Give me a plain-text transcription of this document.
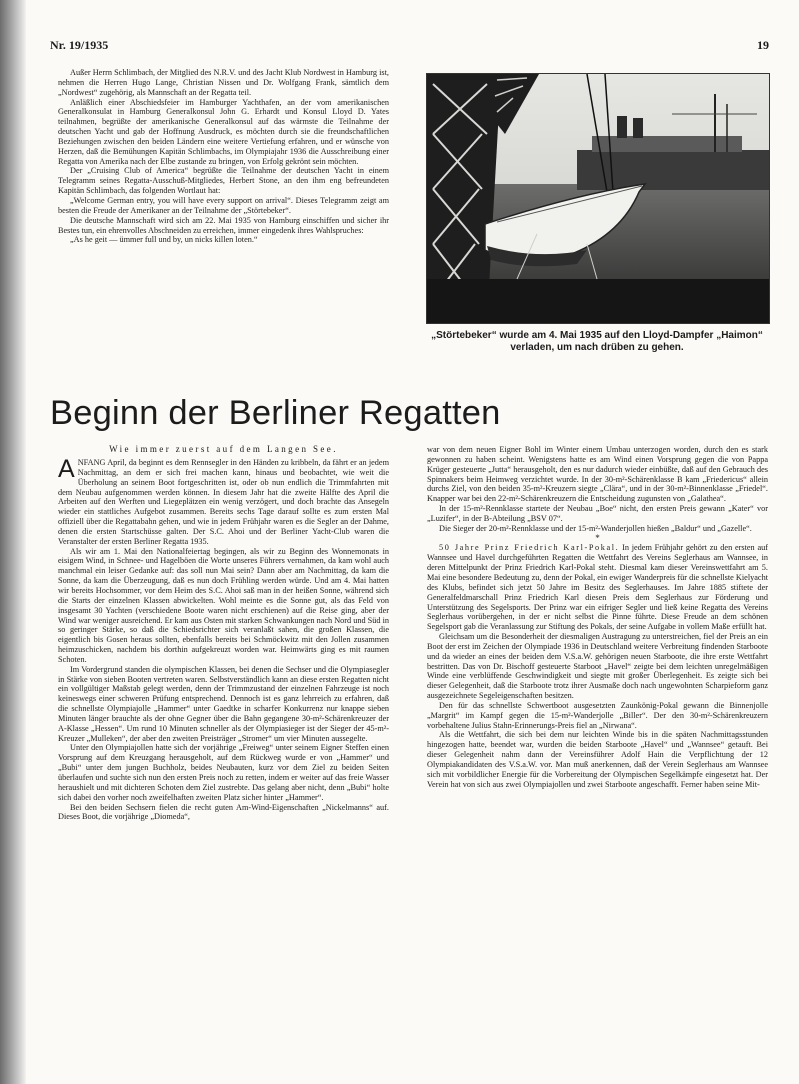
Nr. 19/1935	19

Außer Herrn Schlimbach, der Mitglied des N.R.V. und des Jacht Klub Nordwest in Hamburg ist, nehmen die Herren Hugo Lange, Christian Nissen und Dr. Wolfgang Frank, sämtlich dem „Nordwest“ zugehörig, als Mannschaft an der Regatta teil.

Anläßlich einer Abschiedsfeier im Hamburger Yachthafen, an der vom amerikanischen Generalkonsulat in Hamburg Generalkonsul John G. Erhardt und Konsul Lloyd D. Yates teilnahmen, begrüßte der amerikanische Generalkonsul auf das wärmste die Teilnahme der deutschen Yacht und gab der Hoffnung Ausdruck, es möchten durch sie die freundschaftlichen Beziehungen zwischen den beiden Ländern eine weitere Vertiefung erfahren, und er wünsche von Herzen, daß die Bemühungen Kapitän Schlimbachs, im Olympiajahr 1936 die Ausschreibung einer Regatta von Amerika nach der Elbe zustande zu bringen, von Erfolg gekrönt sein möchten.

Der „Cruising Club of America“ begrüßte die Teilnahme der deutschen Yacht in einem Telegramm seines Regatta-Ausschuß-Mitgliedes, Herbert Stone, an den ihm eng befreundeten Kapitän Schlimbach, das folgenden Wortlaut hat:

„Welcome German entry, you will have every support on arrival“. Dieses Telegramm zeigt am besten die Freude der Amerikaner an der Teilnahme der „Störtebeker“.

Die deutsche Mannschaft wird sich am 22. Mai 1935 von Hamburg einschiffen und sicher ihr Bestes tun, ein ehrenvolles Abschneiden zu erreichen, immer eingedenk ihres Wahlspruches:

„As he geit — ümmer full und by, un nicks killen loten.“

„Störtebeker“ wurde am 4. Mai 1935 auf den Lloyd-Dampfer „Haimon“ verladen, um nach drüben zu gehen.
Beginn der Berliner Regatten
Wie immer zuerst auf dem Langen See.

ANFANG April, da beginnt es dem Rennsegler in den Händen zu kribbeln, da fährt er an jedem Nachmittag, an dem er sich frei machen kann, hinaus und beobachtet, wie weit die Überholung an seinem Boot fortgeschritten ist, oder ob nun endlich die Trimmfahrten mit dem Neubau aufgenommen werden können. In diesem Jahr hat die zweite Hälfte des April die Arbeiten auf den Werften und Liegeplätzen ein wenig verzögert, und doch brachte das Ansegeln wieder ein stattliches Aufgebot zusammen. Bereits sechs Tage darauf sollte es zum ersten Mal offiziell über die Regattabahn gehen, und wie in jedem Frühjahr waren es die Segler an der Dahme, denen die ersten Startschüsse galten. Der S.C. Ahoi und der Berliner Yacht-Club waren die Veranstalter der ersten Berliner Regatta 1935.

Als wir am 1. Mai den Nationalfeiertag begingen, als wir zu Beginn des Wonnemonats in eisigem Wind, in Schnee- und Hagelböen die Worte unseres Führers vernahmen, da kam wohl auch manchmal ein leiser Gedanke auf: das soll nun Mai sein? Dann aber am Nachmittag, da kam die Sonne, da kam die Überzeugung, daß es nun doch Frühling werden würde. Und am 4. Mai hatten wir bereits Hochsommer, vor dem Heim des S.C. Ahoi saß man in der heißen Sonne, während sich die Starts der einzelnen Klassen abwickelten. Wohl meinte es die Sonne gut, als das Feld von insgesamt 30 Yachten (verschiedene Boote waren nicht erschienen) auf die Reise ging, aber der Wind war weniger ausreichend. Er kam aus Osten mit starken Schwankungen nach Nord und Süd in so geringer Stärke, so daß die Schiedsrichter sich veranlaßt sahen, die großen Klassen, die eigentlich bis Gosen heraus sollten, ebenfalls bereits bei Schmöckwitz mit den Jollen zusammen heimzuschicken, nachdem bis dorthin aufgekreuzt worden war. Heimwärts ging es mit raumen Schoten.

Im Vordergrund standen die olympischen Klassen, bei denen die Sechser und die Olympiasegler in Stärke von sieben Booten vertreten waren. Selbstverständlich kann an diese ersten Regatten nicht ein vollgültiger Maßstab gelegt werden, denn der Trimmzustand der einzelnen Fahrzeuge ist noch keineswegs einer schweren Prüfung entsprechend. Dennoch ist es ganz lehrreich zu erfahren, daß die schnellste Olympiajolle „Hammer“ unter Gaedtke in scharfer Konkurrenz nur knappe sieben Minuten länger brauchte als der ohne Gegner über die Bahn gegangene 30-m²-Schärenkreuzer der A-Klasse „Hessen“. Um rund 10 Minuten schneller als der Olympiasieger ist der Sieger der 45-m²-Kreuzer „Mulleken“, der aber den zweiten Preisträger „Stromer“ um vier Minuten aussegelte.

Unter den Olympiajollen hatte sich der vorjährige „Freiweg“ unter seinem Eigner Steffen einen Vorsprung auf dem Kreuzgang herausgeholt, auf dem Rückweg wurde er von „Hammer“ und „Bubi“ unter dem jungen Buchholz, beides Neubauten, kurz vor dem Ziel zu beiden Seiten überlaufen und suchte sich nun den ersten Preis noch zu retten, indem er weiter auf das freie Wasser heraushielt und mit dichteren Schoten dem Ziel zustrebte. Das gelang aber nicht, denn „Bubi“ holte sich dabei den vorher noch zweifelhaften zweiten Platz sicher hinter „Hammer“.

Bei den beiden Sechsern fielen die recht guten Am-Wind-Eigenschaften „Nickelmanns“ auf. Dieses Boot, die vorjährige „Diomeda“,

war von dem neuen Eigner Bohl im Winter einem Umbau unterzogen worden, durch den es stark gewonnen zu haben scheint. Wenigstens hatte es am Wind einen Vorsprung gegen die von Pappa Krüger gesteuerte „Jutta“ herausgeholt, den es nur dadurch wieder einbüßte, daß auf den Gebrauch des Spinnakers beim Heimweg verzichtet wurde. In der 30-m²-Schärenklasse B kam „Friedericus“ allein durchs Ziel, von den beiden 35-m²-Kreuzern siegte „Clära“, und in der 30-m²-Binnenklasse „Friedel“. Knapper war bei den 22-m²-Schärenkreuzern die Entscheidung zugunsten von „Galathea“.

In der 15-m²-Rennklasse startete der Neubau „Boe“ nicht, den ersten Preis gewann „Kater“ vor „Luzifer“, in der B-Abteilung „BSV 07“.

Die Sieger der 20-m²-Rennklasse und der 15-m²-Wanderjollen hießen „Baldur“ und „Gazelle“.

*

50 Jahre Prinz Friedrich Karl-Pokal. In jedem Frühjahr gehört zu den ersten auf Wannsee und Havel durchgeführten Regatten die Wettfahrt des Vereins Seglerhaus am Wannsee, in deren Mittelpunkt der Prinz Friedrich Karl-Pokal steht. Diesmal kam dieser Vereinswettfahrt am 5. Mai eine besondere Bedeutung zu, denn der Pokal, ein ewiger Wanderpreis für die schnellste Kielyacht des Klubs, befindet sich jetzt 50 Jahre im Besitz des Seglerhauses. Im Jahre 1885 stiftete der Generalfeldmarschall Prinz Friedrich Karl diesen Preis dem Seglerhaus zur Förderung und Unterstützung des Segelsports. Der Prinz war ein eifriger Segler und ließ keine Regatta des Vereins Seglerhaus vorübergehen, in der er nicht selbst die Pinne führte. Diese Freude an dem schönen Segelsport gab die Veranlassung zur Stiftung des Pokals, der seine Aufgabe in vollem Maße erfüllt hat.

Gleichsam um die Besonderheit der diesmaligen Austragung zu unterstreichen, fiel der Preis an ein Boot der erst im Zeichen der Olympiade 1936 in Deutschland weitere Verbreitung findenden Starboote und da wieder an eines der beiden dem V.S.a.W. gehörigen neuen Starboote, die ihre erste Wettfahrt bestritten. Das von Dr. Bischoff gesteuerte Starboot „Havel“ zeigte bei dem leichten unregelmäßigen Winde eine verblüffende Geschwindigkeit und siegte mit großer Überlegenheit. Es zeigte sich bei dieser Gelegenheit, daß die Starboote trotz ihrer Ausmaße doch nach ungewohnten Scharpieform ganz ausgezeichnete Segeleigenschaften besitzen.

Den für das schnellste Schwertboot ausgesetzten Zaunkönig-Pokal gewann die Binnenjolle „Margrit“ im Kampf gegen die 15-m²-Wanderjolle „Biller“. Der den 30-m²-Schärenkreuzern vorbehaltene Julius Stahn-Erinnerungs-Preis fiel an „Nirwana“.

Als die Wettfahrt, die sich bei dem nur leichten Winde bis in die späten Nachmittagsstunden hingezogen hatte, beendet war, wurden die beiden Starboote „Havel“ und „Wannsee“ getauft. Bei dieser Gelegenheit nahm dann der Vereinsführer Adolf Hain die Verpflichtung der 12 Olympiakandidaten des V.S.a.W. vor. Man muß anerkennen, daß der Verein Seglerhaus am Wannsee sich mit vorbildlicher Energie für die Vorbereitung der Olympischen Segelkämpfe eingesetzt hat. Der Verein hat von sich aus zwei Olympiajollen und zwei Starboote angeschafft. Ferner haben seine Mit-
